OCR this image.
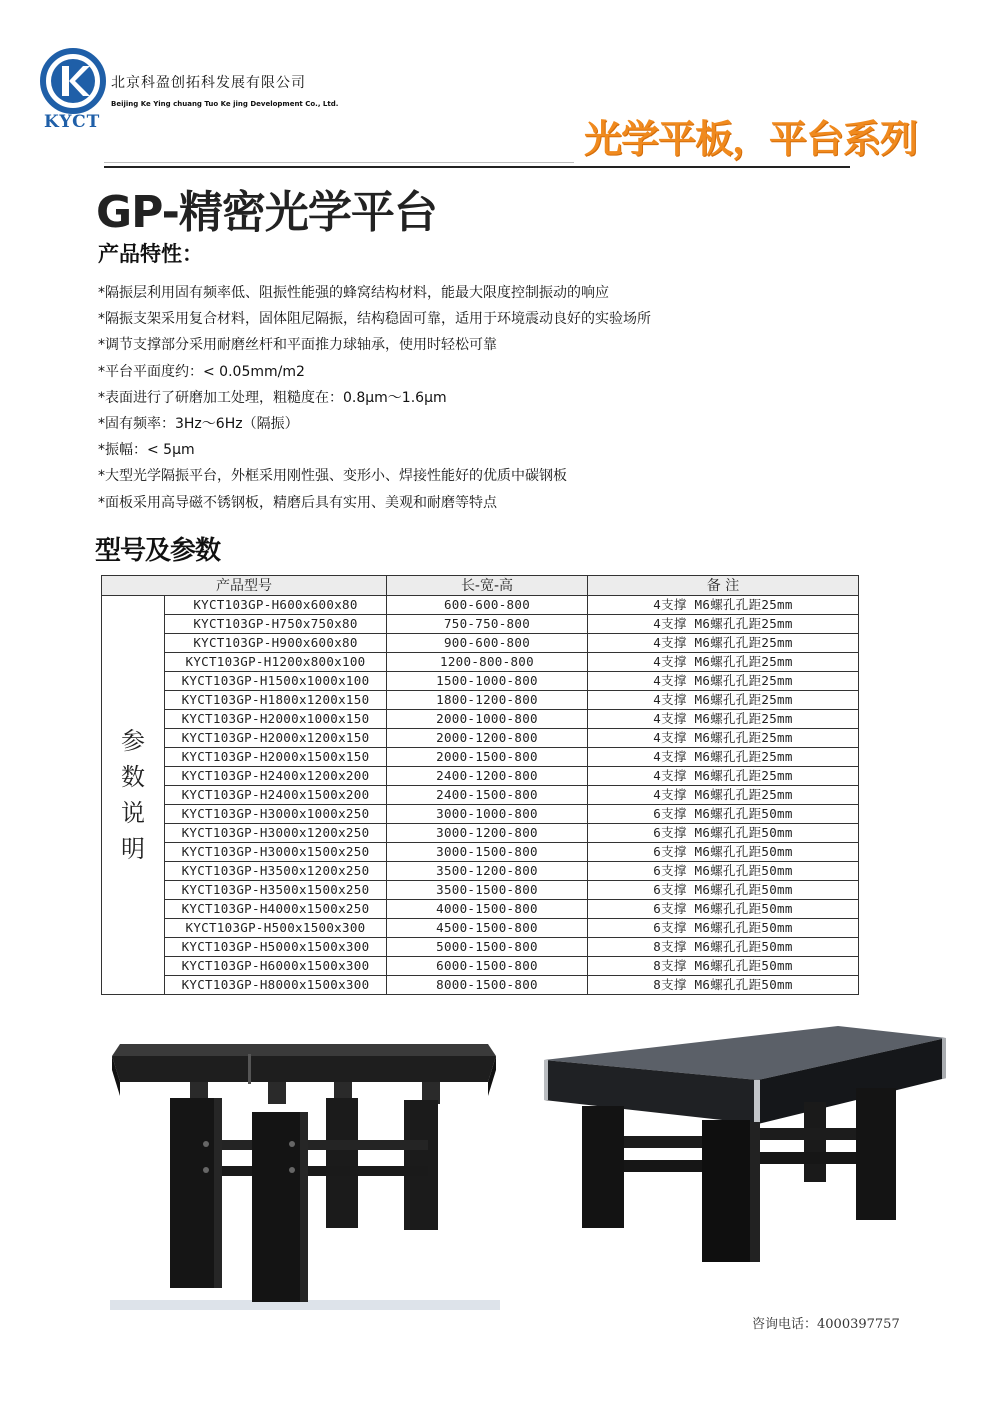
KYCT
北京科盈创拓科发展有限公司
Beijing Ke Ying chuang Tuo Ke jing Development Co., Ltd.
光学平板，平台系列
GP-精密光学平台
产品特性：
*隔振层利用固有频率低、阻振性能强的蜂窝结构材料，能最大限度控制振动的响应
*隔振支架采用复合材料，固体阻尼隔振，结构稳固可靠，适用于环境震动良好的实验场所
*调节支撑部分采用耐磨丝杆和平面推力球轴承，使用时轻松可靠
*平台平面度约：< 0.05mm/m2
*表面进行了研磨加工处理，粗糙度在：0.8μm～1.6μm
*固有频率：3Hz～6Hz（隔振）
*振幅：< 5μm
*大型光学隔振平台，外框采用刚性强、变形小、焊接性能好的优质中碳钢板
*面板采用高导磁不锈钢板，精磨后具有实用、美观和耐磨等特点
型号及参数
产品型号		长-宽-高	备 注

参
数
说
明	KYCT103GP-H600x600x80	600-600-800	4支撑 M6螺孔孔距25mm
	KYCT103GP-H750x750x80	750-750-800	4支撑 M6螺孔孔距25mm
	KYCT103GP-H900x600x80	900-600-800	4支撑 M6螺孔孔距25mm
	KYCT103GP-H1200x800x100	1200-800-800	4支撑 M6螺孔孔距25mm
	KYCT103GP-H1500x1000x100	1500-1000-800	4支撑 M6螺孔孔距25mm
	KYCT103GP-H1800x1200x150	1800-1200-800	4支撑 M6螺孔孔距25mm
	KYCT103GP-H2000x1000x150	2000-1000-800	4支撑 M6螺孔孔距25mm
	KYCT103GP-H2000x1200x150	2000-1200-800	4支撑 M6螺孔孔距25mm
	KYCT103GP-H2000x1500x150	2000-1500-800	4支撑 M6螺孔孔距25mm
	KYCT103GP-H2400x1200x200	2400-1200-800	4支撑 M6螺孔孔距25mm
	KYCT103GP-H2400x1500x200	2400-1500-800	4支撑 M6螺孔孔距25mm
	KYCT103GP-H3000x1000x250	3000-1000-800	6支撑 M6螺孔孔距50mm
	KYCT103GP-H3000x1200x250	3000-1200-800	6支撑 M6螺孔孔距50mm
	KYCT103GP-H3000x1500x250	3000-1500-800	6支撑 M6螺孔孔距50mm
	KYCT103GP-H3500x1200x250	3500-1200-800	6支撑 M6螺孔孔距50mm
	KYCT103GP-H3500x1500x250	3500-1500-800	6支撑 M6螺孔孔距50mm
	KYCT103GP-H4000x1500x250	4000-1500-800	6支撑 M6螺孔孔距50mm
	KYCT103GP-H500x1500x300	4500-1500-800	6支撑 M6螺孔孔距50mm
	KYCT103GP-H5000x1500x300	5000-1500-800	8支撑 M6螺孔孔距50mm
	KYCT103GP-H6000x1500x300	6000-1500-800	8支撑 M6螺孔孔距50mm
	KYCT103GP-H8000x1500x300	8000-1500-800	8支撑 M6螺孔孔距50mm
咨询电话：4000397757
